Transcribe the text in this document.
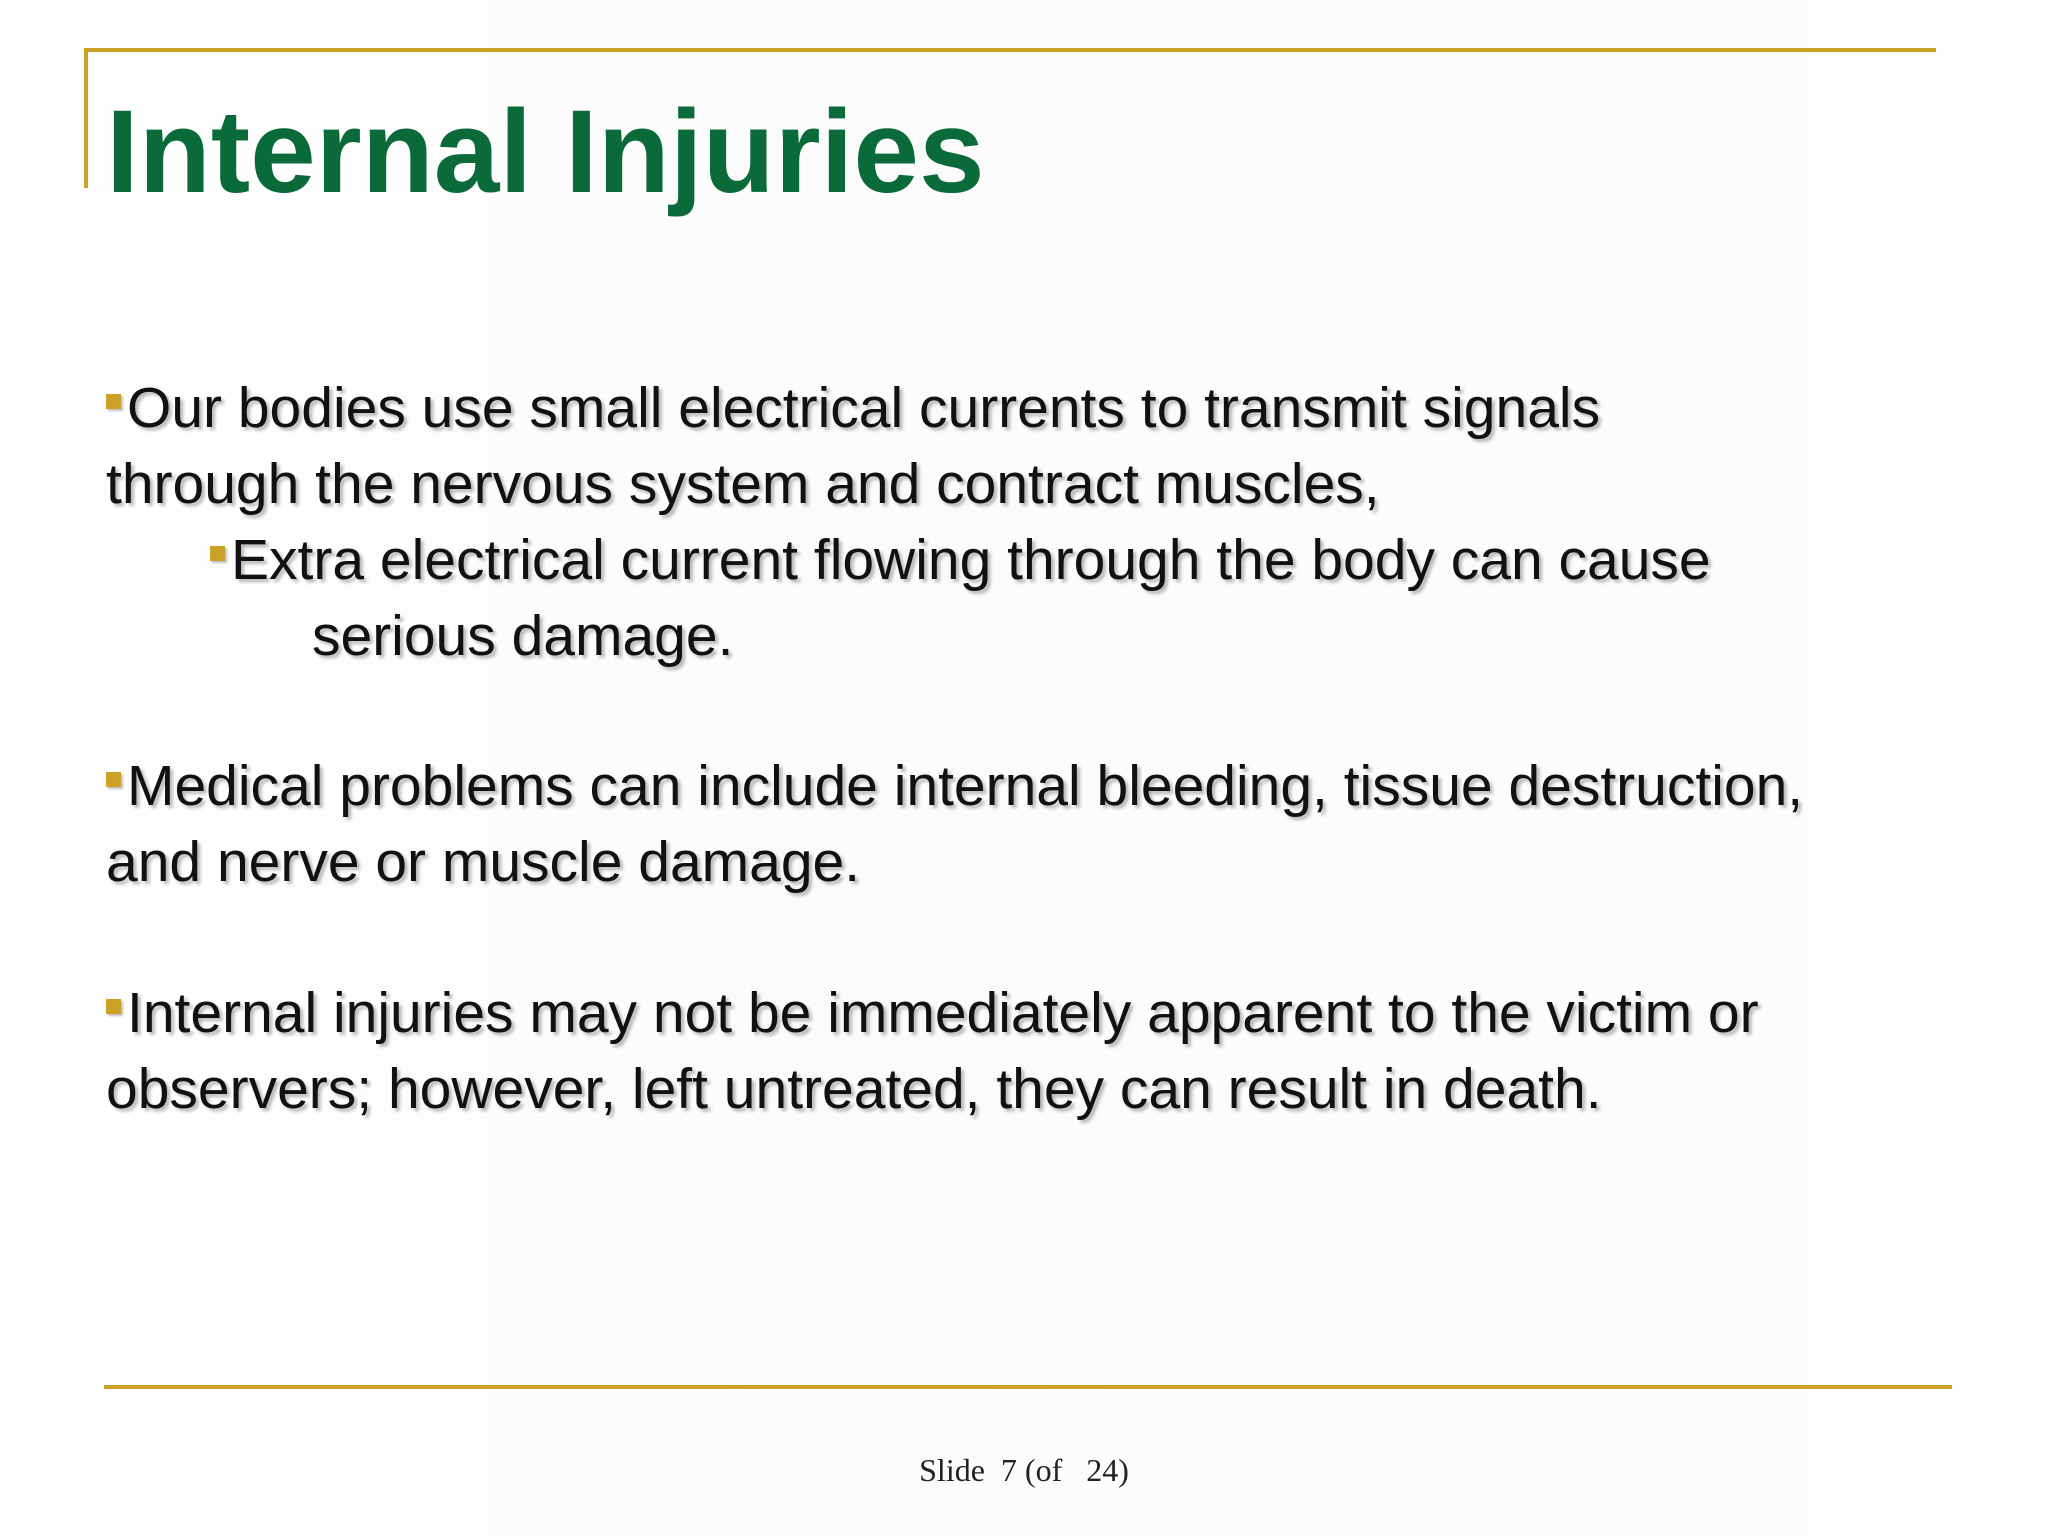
Internal Injuries

Our bodies use small electrical currents to transmit signals
through the nervous system and contract muscles,

Extra electrical current flowing through the body can cause
serious damage.

Medical problems can include internal bleeding, tissue destruction,
and nerve or muscle damage.

Internal injuries may not be immediately apparent to the victim or
observers; however, left untreated, they can result in death.

Slide  7 (of   24)
